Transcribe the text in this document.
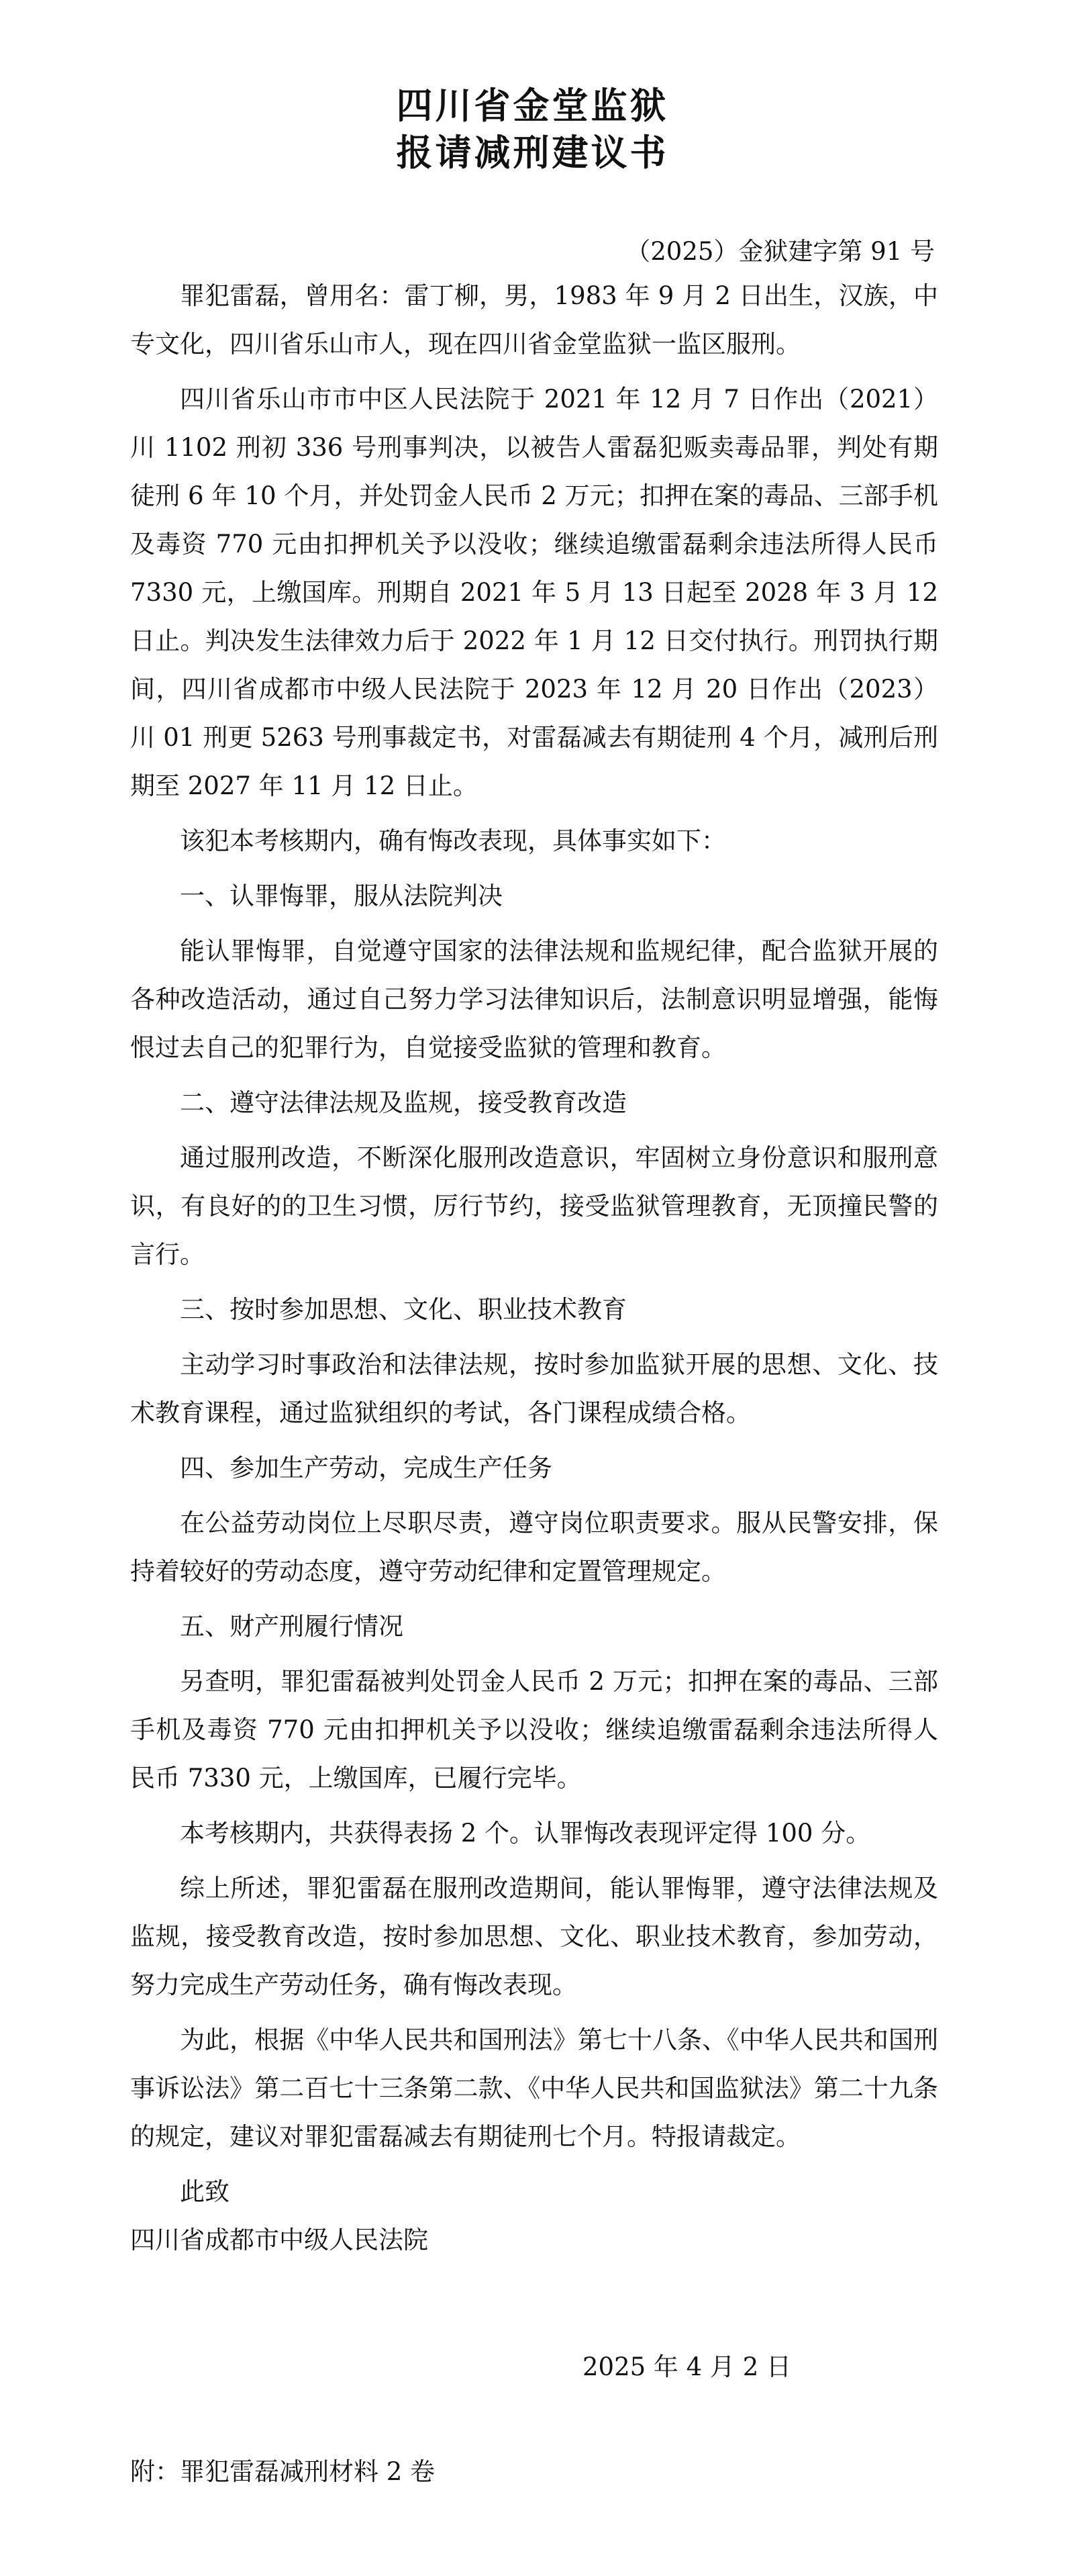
四川省金堂监狱
报请减刑建议书

（2025）金狱建字第 91 号

罪犯雷磊，曾用名：雷丁柳，男，1983 年 9 月 2 日出生，汉族，中专文化，四川省乐山市人，现在四川省金堂监狱一监区服刑。

四川省乐山市市中区人民法院于 2021 年 12 月 7 日作出（2021）川 1102 刑初 336 号刑事判决，以被告人雷磊犯贩卖毒品罪，判处有期徒刑 6 年 10 个月，并处罚金人民币 2 万元；扣押在案的毒品、三部手机及毒资 770 元由扣押机关予以没收；继续追缴雷磊剩余违法所得人民币 7330 元，上缴国库。刑期自 2021 年 5 月 13 日起至 2028 年 3 月 12 日止。判决发生法律效力后于 2022 年 1 月 12 日交付执行。刑罚执行期间，四川省成都市中级人民法院于 2023 年 12 月 20 日作出（2023）川 01 刑更 5263 号刑事裁定书，对雷磊减去有期徒刑 4 个月，减刑后刑期至 2027 年 11 月 12 日止。

该犯本考核期内，确有悔改表现，具体事实如下：

一、认罪悔罪，服从法院判决

能认罪悔罪，自觉遵守国家的法律法规和监规纪律，配合监狱开展的各种改造活动，通过自己努力学习法律知识后，法制意识明显增强，能悔恨过去自己的犯罪行为，自觉接受监狱的管理和教育。

二、遵守法律法规及监规，接受教育改造

通过服刑改造，不断深化服刑改造意识，牢固树立身份意识和服刑意识，有良好的的卫生习惯，厉行节约，接受监狱管理教育，无顶撞民警的言行。

三、按时参加思想、文化、职业技术教育

主动学习时事政治和法律法规，按时参加监狱开展的思想、文化、技术教育课程，通过监狱组织的考试，各门课程成绩合格。

四、参加生产劳动，完成生产任务

在公益劳动岗位上尽职尽责，遵守岗位职责要求。服从民警安排，保持着较好的劳动态度，遵守劳动纪律和定置管理规定。

五、财产刑履行情况

另查明，罪犯雷磊被判处罚金人民币 2 万元；扣押在案的毒品、三部手机及毒资 770 元由扣押机关予以没收；继续追缴雷磊剩余违法所得人民币 7330 元，上缴国库，已履行完毕。

本考核期内，共获得表扬 2 个。认罪悔改表现评定得 100 分。

综上所述，罪犯雷磊在服刑改造期间，能认罪悔罪，遵守法律法规及监规，接受教育改造，按时参加思想、文化、职业技术教育，参加劳动，努力完成生产劳动任务，确有悔改表现。

为此，根据《中华人民共和国刑法》第七十八条、《中华人民共和国刑事诉讼法》第二百七十三条第二款、《中华人民共和国监狱法》第二十九条的规定，建议对罪犯雷磊减去有期徒刑七个月。特报请裁定。

此致

四川省成都市中级人民法院

2025 年 4 月 2 日

附：罪犯雷磊减刑材料 2 卷
